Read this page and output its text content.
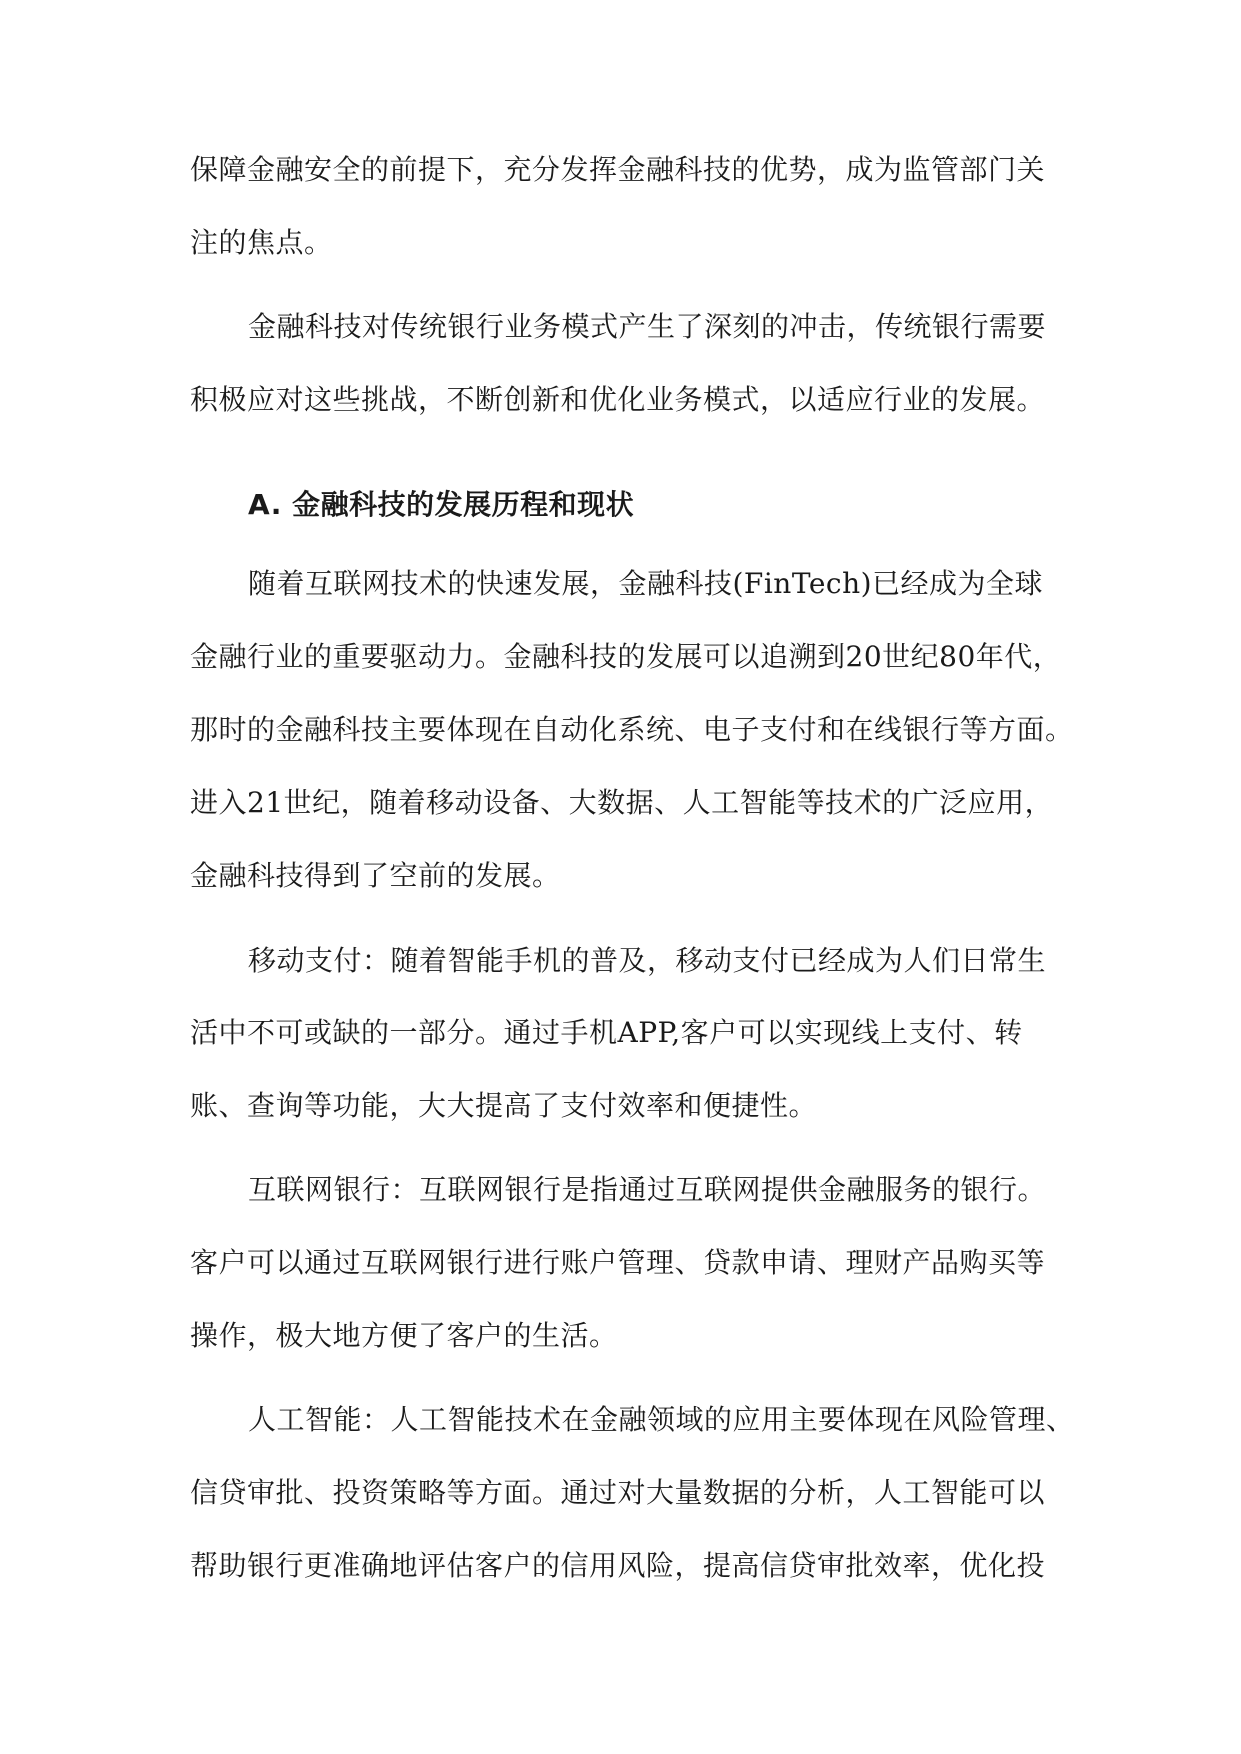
保障金融安全的前提下，充分发挥金融科技的优势，成为监管部门关
注的焦点。
金融科技对传统银行业务模式产生了深刻的冲击，传统银行需要
积极应对这些挑战，不断创新和优化业务模式，以适应行业的发展。
A. 金融科技的发展历程和现状
随着互联网技术的快速发展，金融科技(FinTech)已经成为全球
金融行业的重要驱动力。金融科技的发展可以追溯到20世纪80年代，
那时的金融科技主要体现在自动化系统、电子支付和在线银行等方面。
进入21世纪，随着移动设备、大数据、人工智能等技术的广泛应用，
金融科技得到了空前的发展。
移动支付：随着智能手机的普及，移动支付已经成为人们日常生
活中不可或缺的一部分。通过手机APP,客户可以实现线上支付、转
账、查询等功能，大大提高了支付效率和便捷性。
互联网银行：互联网银行是指通过互联网提供金融服务的银行。
客户可以通过互联网银行进行账户管理、贷款申请、理财产品购买等
操作，极大地方便了客户的生活。
人工智能：人工智能技术在金融领域的应用主要体现在风险管理、
信贷审批、投资策略等方面。通过对大量数据的分析，人工智能可以
帮助银行更准确地评估客户的信用风险，提高信贷审批效率，优化投
